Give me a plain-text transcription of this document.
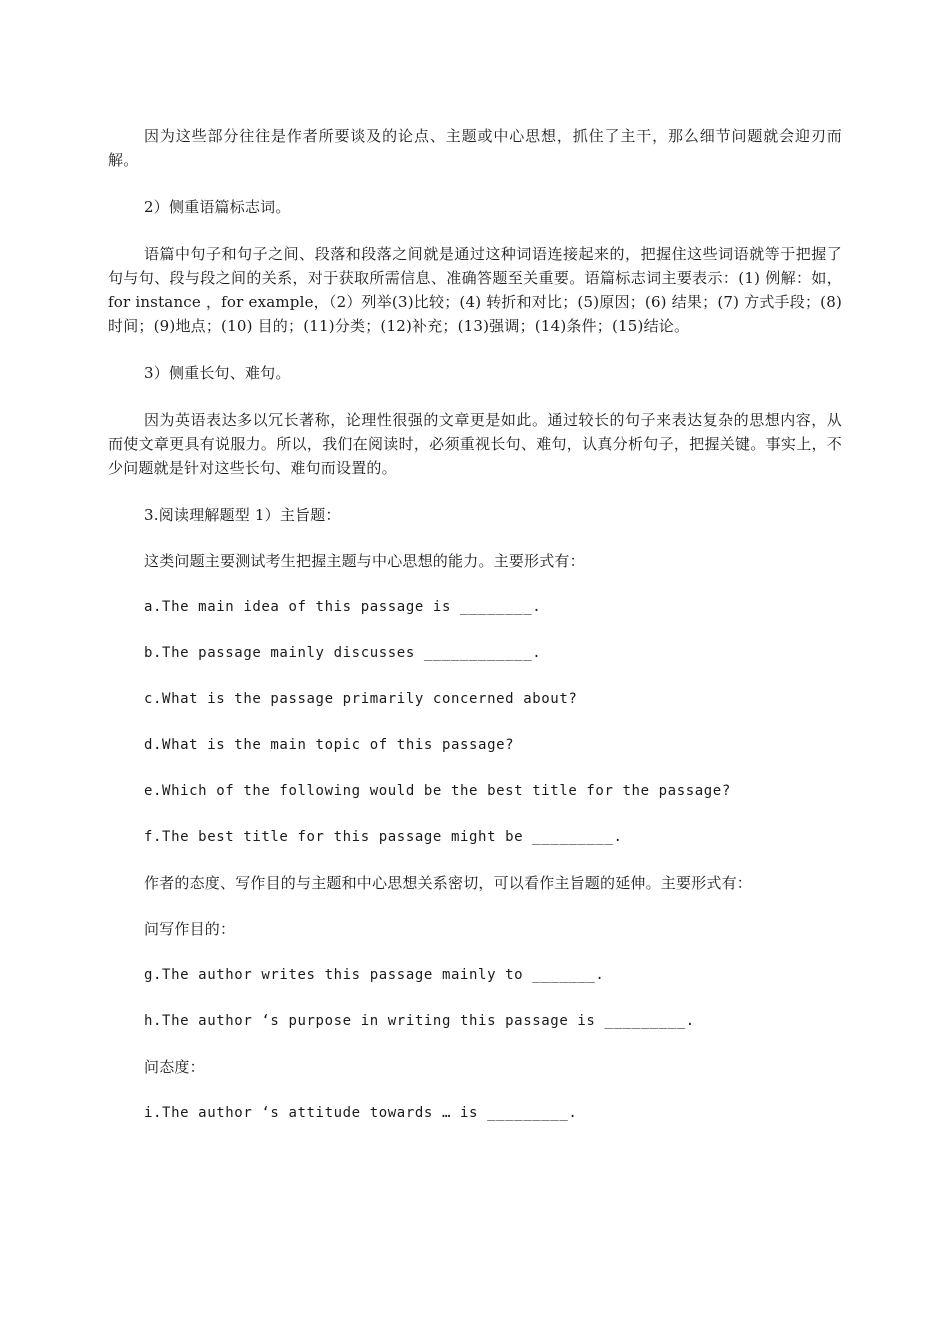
因为这些部分往往是作者所要谈及的论点、主题或中心思想，抓住了主干，那么细节问题就会迎刃而解。

2）侧重语篇标志词。

语篇中句子和句子之间、段落和段落之间就是通过这种词语连接起来的，把握住这些词语就等于把握了句与句、段与段之间的关系，对于获取所需信息、准确答题至关重要。语篇标志词主要表示：(1) 例解：如，for instance ，for example，（2）列举(3)比较；(4) 转折和对比；(5)原因；(6) 结果；(7) 方式手段；(8) 时间；(9)地点；(10) 目的；(11)分类；(12)补充；(13)强调；(14)条件；(15)结论。

3）侧重长句、难句。

因为英语表达多以冗长著称，论理性很强的文章更是如此。通过较长的句子来表达复杂的思想内容，从而使文章更具有说服力。所以，我们在阅读时，必须重视长句、难句，认真分析句子，把握关键。事实上，不少问题就是针对这些长句、难句而设置的。

3.阅读理解题型 1）主旨题：

这类问题主要测试考生把握主题与中心思想的能力。主要形式有：

a.The main idea of this passage is ________.

b.The passage mainly discusses ____________.

c.What is the passage primarily concerned about?

d.What is the main topic of this passage?

e.Which of the following would be the best title for the passage?

f.The best title for this passage might be _________.

作者的态度、写作目的与主题和中心思想关系密切，可以看作主旨题的延伸。主要形式有：

问写作目的：

g.The author writes this passage mainly to _______.

h.The author ‘s purpose in writing this passage is _________.

问态度：

i.The author ‘s attitude towards … is _________.
